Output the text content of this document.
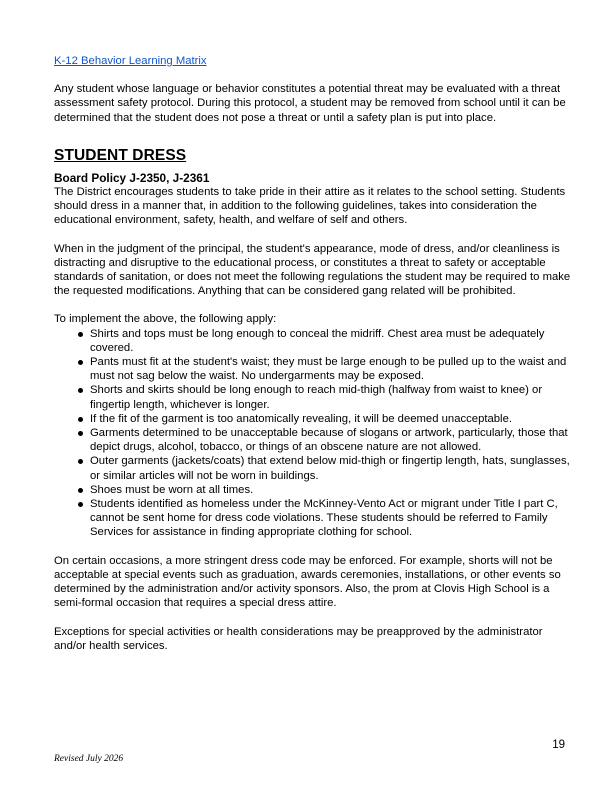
K-12 Behavior Learning Matrix

Any student whose language or behavior constitutes a potential threat may be evaluated with a threat assessment safety protocol. During this protocol, a student may be removed from school until it can be determined that the student does not pose a threat or until a safety plan is put into place.

STUDENT DRESS

Board Policy J-2350, J-2361

The District encourages students to take pride in their attire as it relates to the school setting. Students should dress in a manner that, in addition to the following guidelines, takes into consideration the educational environment, safety, health, and welfare of self and others.

When in the judgment of the principal, the student's appearance, mode of dress, and/or cleanliness is distracting and disruptive to the educational process, or constitutes a threat to safety or acceptable standards of sanitation, or does not meet the following regulations the student may be required to make the requested modifications. Anything that can be considered gang related will be prohibited.

To implement the above, the following apply:

Shirts and tops must be long enough to conceal the midriff. Chest area must be adequately covered.
Pants must fit at the student's waist; they must be large enough to be pulled up to the waist and must not sag below the waist. No undergarments may be exposed.
Shorts and skirts should be long enough to reach mid-thigh (halfway from waist to knee) or fingertip length, whichever is longer.
If the fit of the garment is too anatomically revealing, it will be deemed unacceptable.
Garments determined to be unacceptable because of slogans or artwork, particularly, those that depict drugs, alcohol, tobacco, or things of an obscene nature are not allowed.
Outer garments (jackets/coats) that extend below mid-thigh or fingertip length, hats, sunglasses, or similar articles will not be worn in buildings.
Shoes must be worn at all times.
Students identified as homeless under the McKinney-Vento Act or migrant under Title I part C, cannot be sent home for dress code violations. These students should be referred to Family Services for assistance in finding appropriate clothing for school.

On certain occasions, a more stringent dress code may be enforced. For example, shorts will not be acceptable at special events such as graduation, awards ceremonies, installations, or other events so determined by the administration and/or activity sponsors. Also, the prom at Clovis High School is a semi-formal occasion that requires a special dress attire.

Exceptions for special activities or health considerations may be preapproved by the administrator and/or health services.

19
Revised July 2026
